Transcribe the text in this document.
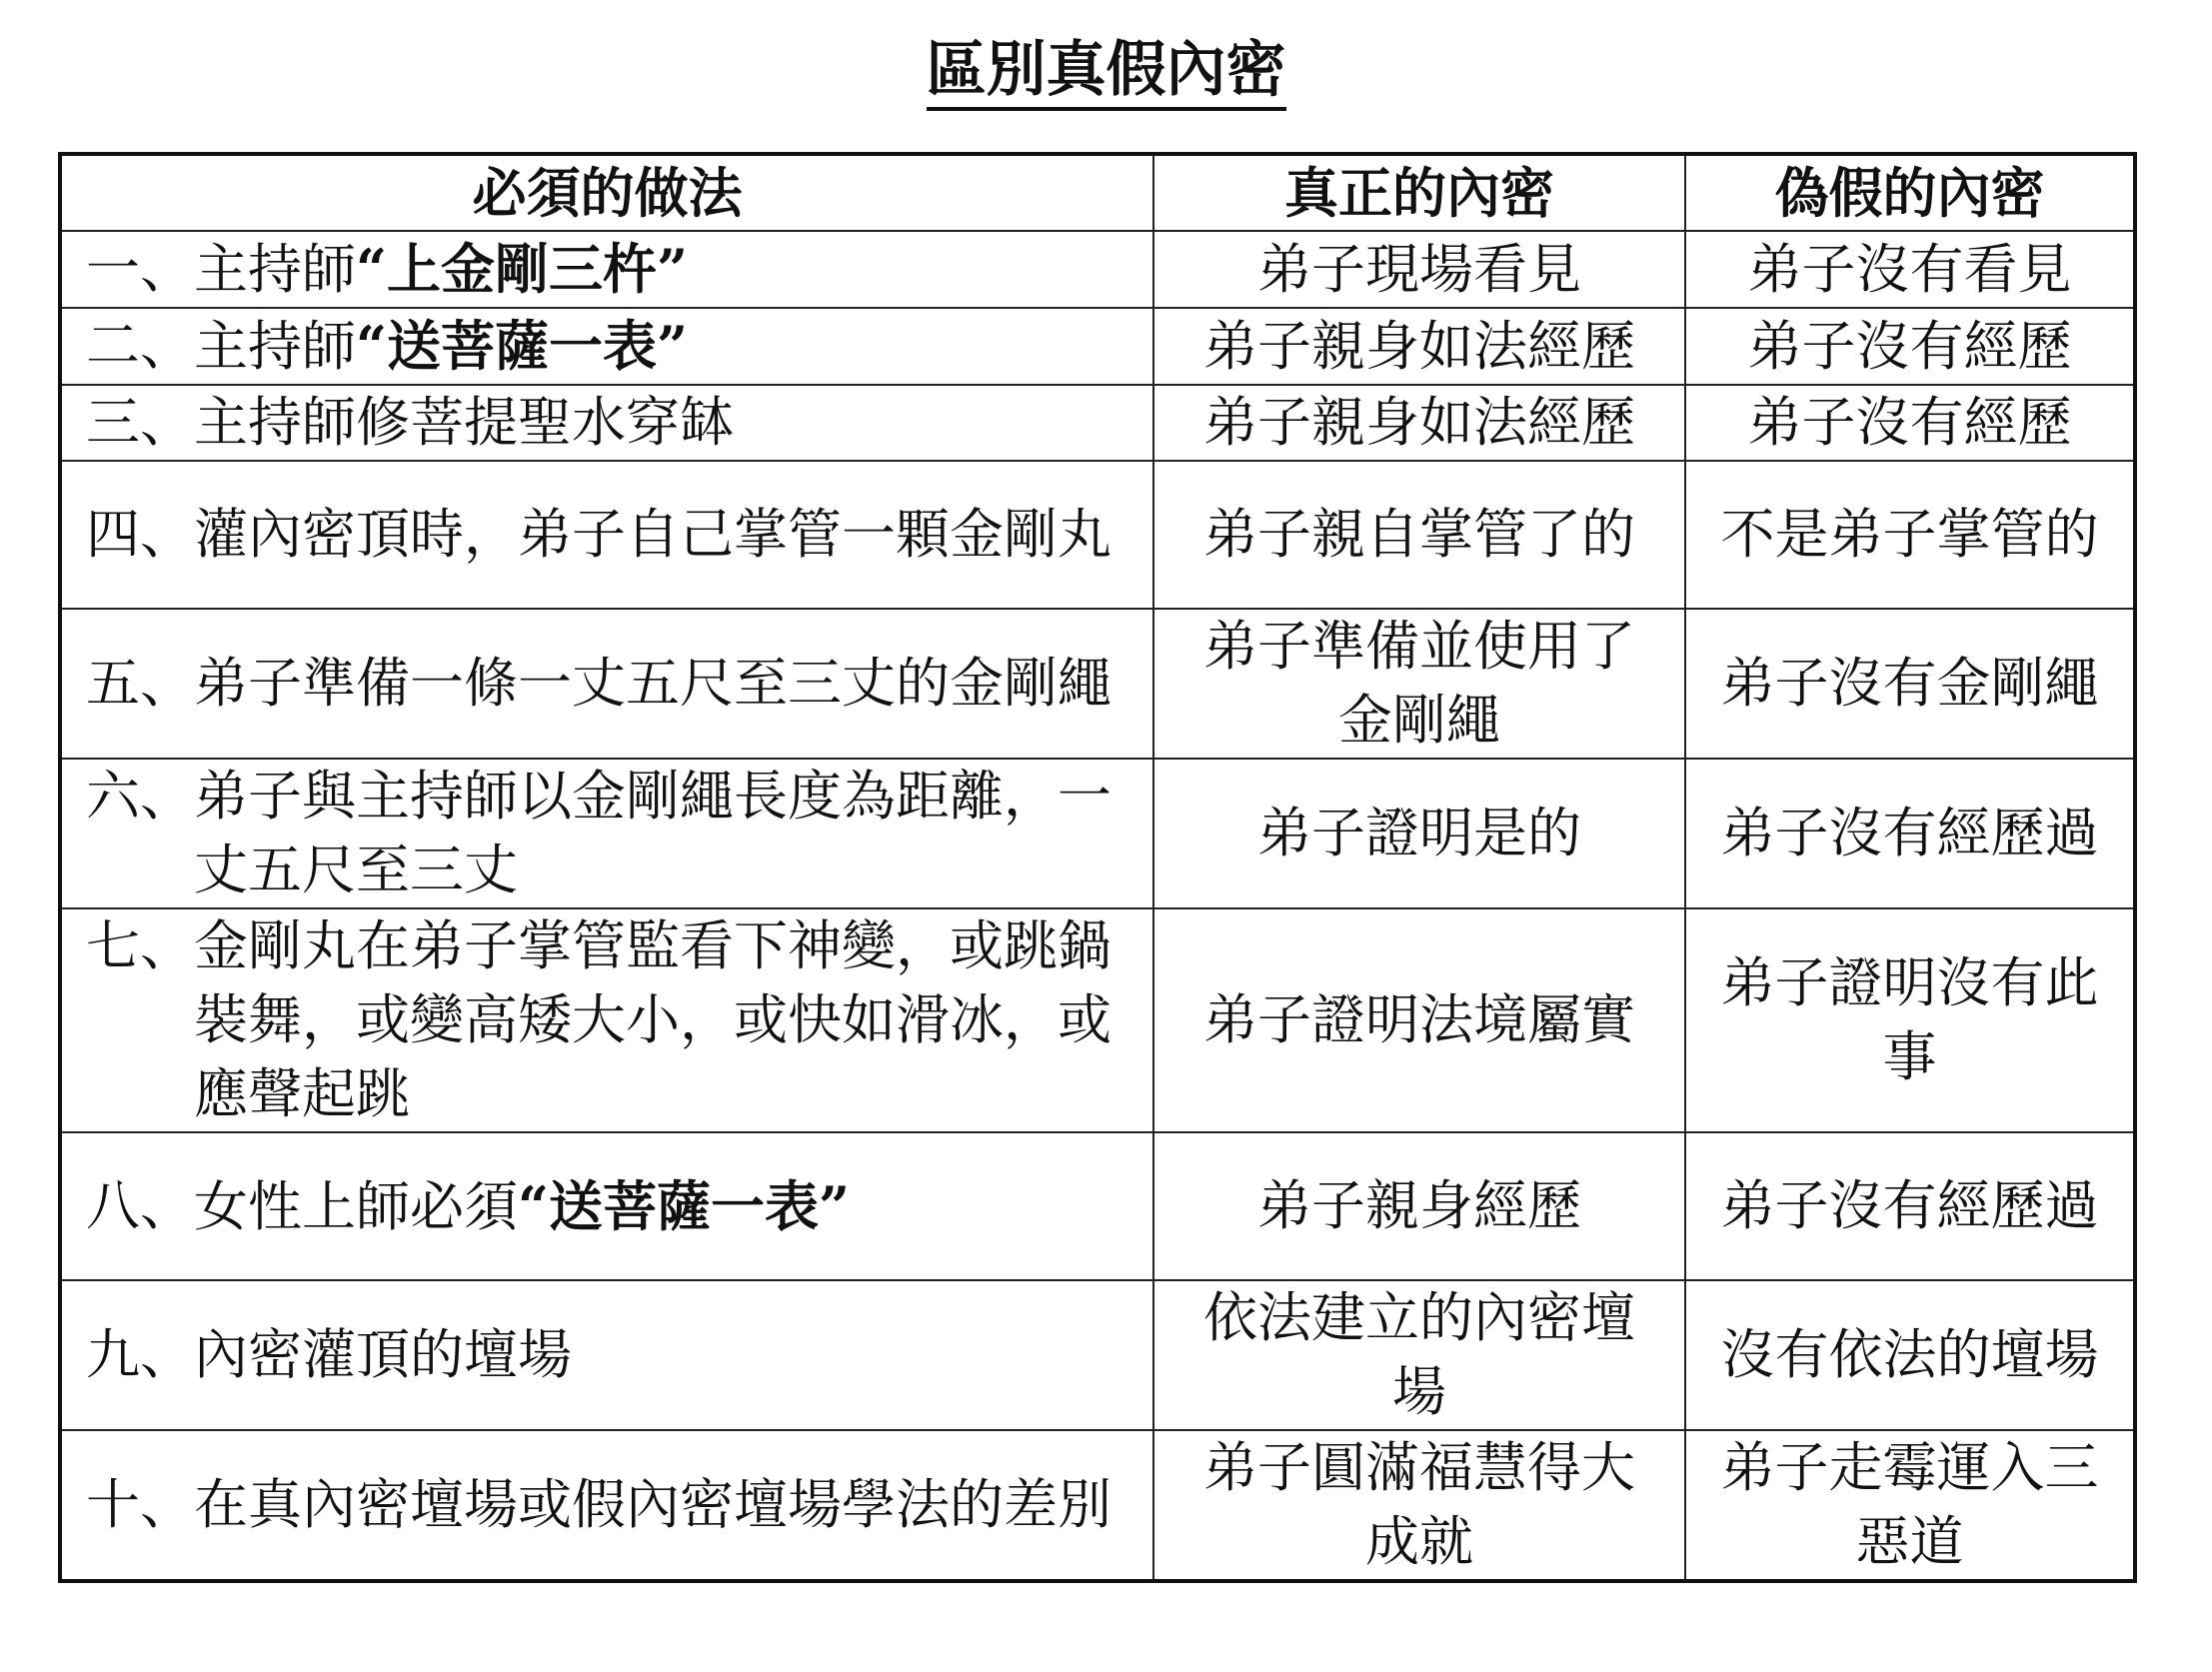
區別真假內密
必須的做法	真正的內密	偽假的內密

一、 主持師“上金剛三杵”	弟子現場看見	弟子沒有看見

二、 主持師“送菩薩一表”	弟子親身如法經歷	弟子沒有經歷

三、 主持師修菩提聖水穿缽	弟子親身如法經歷	弟子沒有經歷

四、 灌內密頂時，弟子自己掌管一顆金剛丸	弟子親自掌管了的	不是弟子掌管的

五、 弟子準備一條一丈五尺至三丈的金剛繩	弟子準備並使用了金剛繩	弟子沒有金剛繩

六、 弟子與主持師以金剛繩長度為距離，一丈五尺至三丈	弟子證明是的	弟子沒有經歷過

七、 金剛丸在弟子掌管監看下神變，或跳鍋裝舞，或變高矮大小，或快如滑冰，或應聲起跳	弟子證明法境屬實	弟子證明沒有此事

八、 女性上師必須“送菩薩一表”	弟子親身經歷	弟子沒有經歷過

九、 內密灌頂的壇場	依法建立的內密壇場	沒有依法的壇場

十、 在真內密壇場或假內密壇場學法的差別	弟子圓滿福慧得大成就	弟子走霉運入三惡道
